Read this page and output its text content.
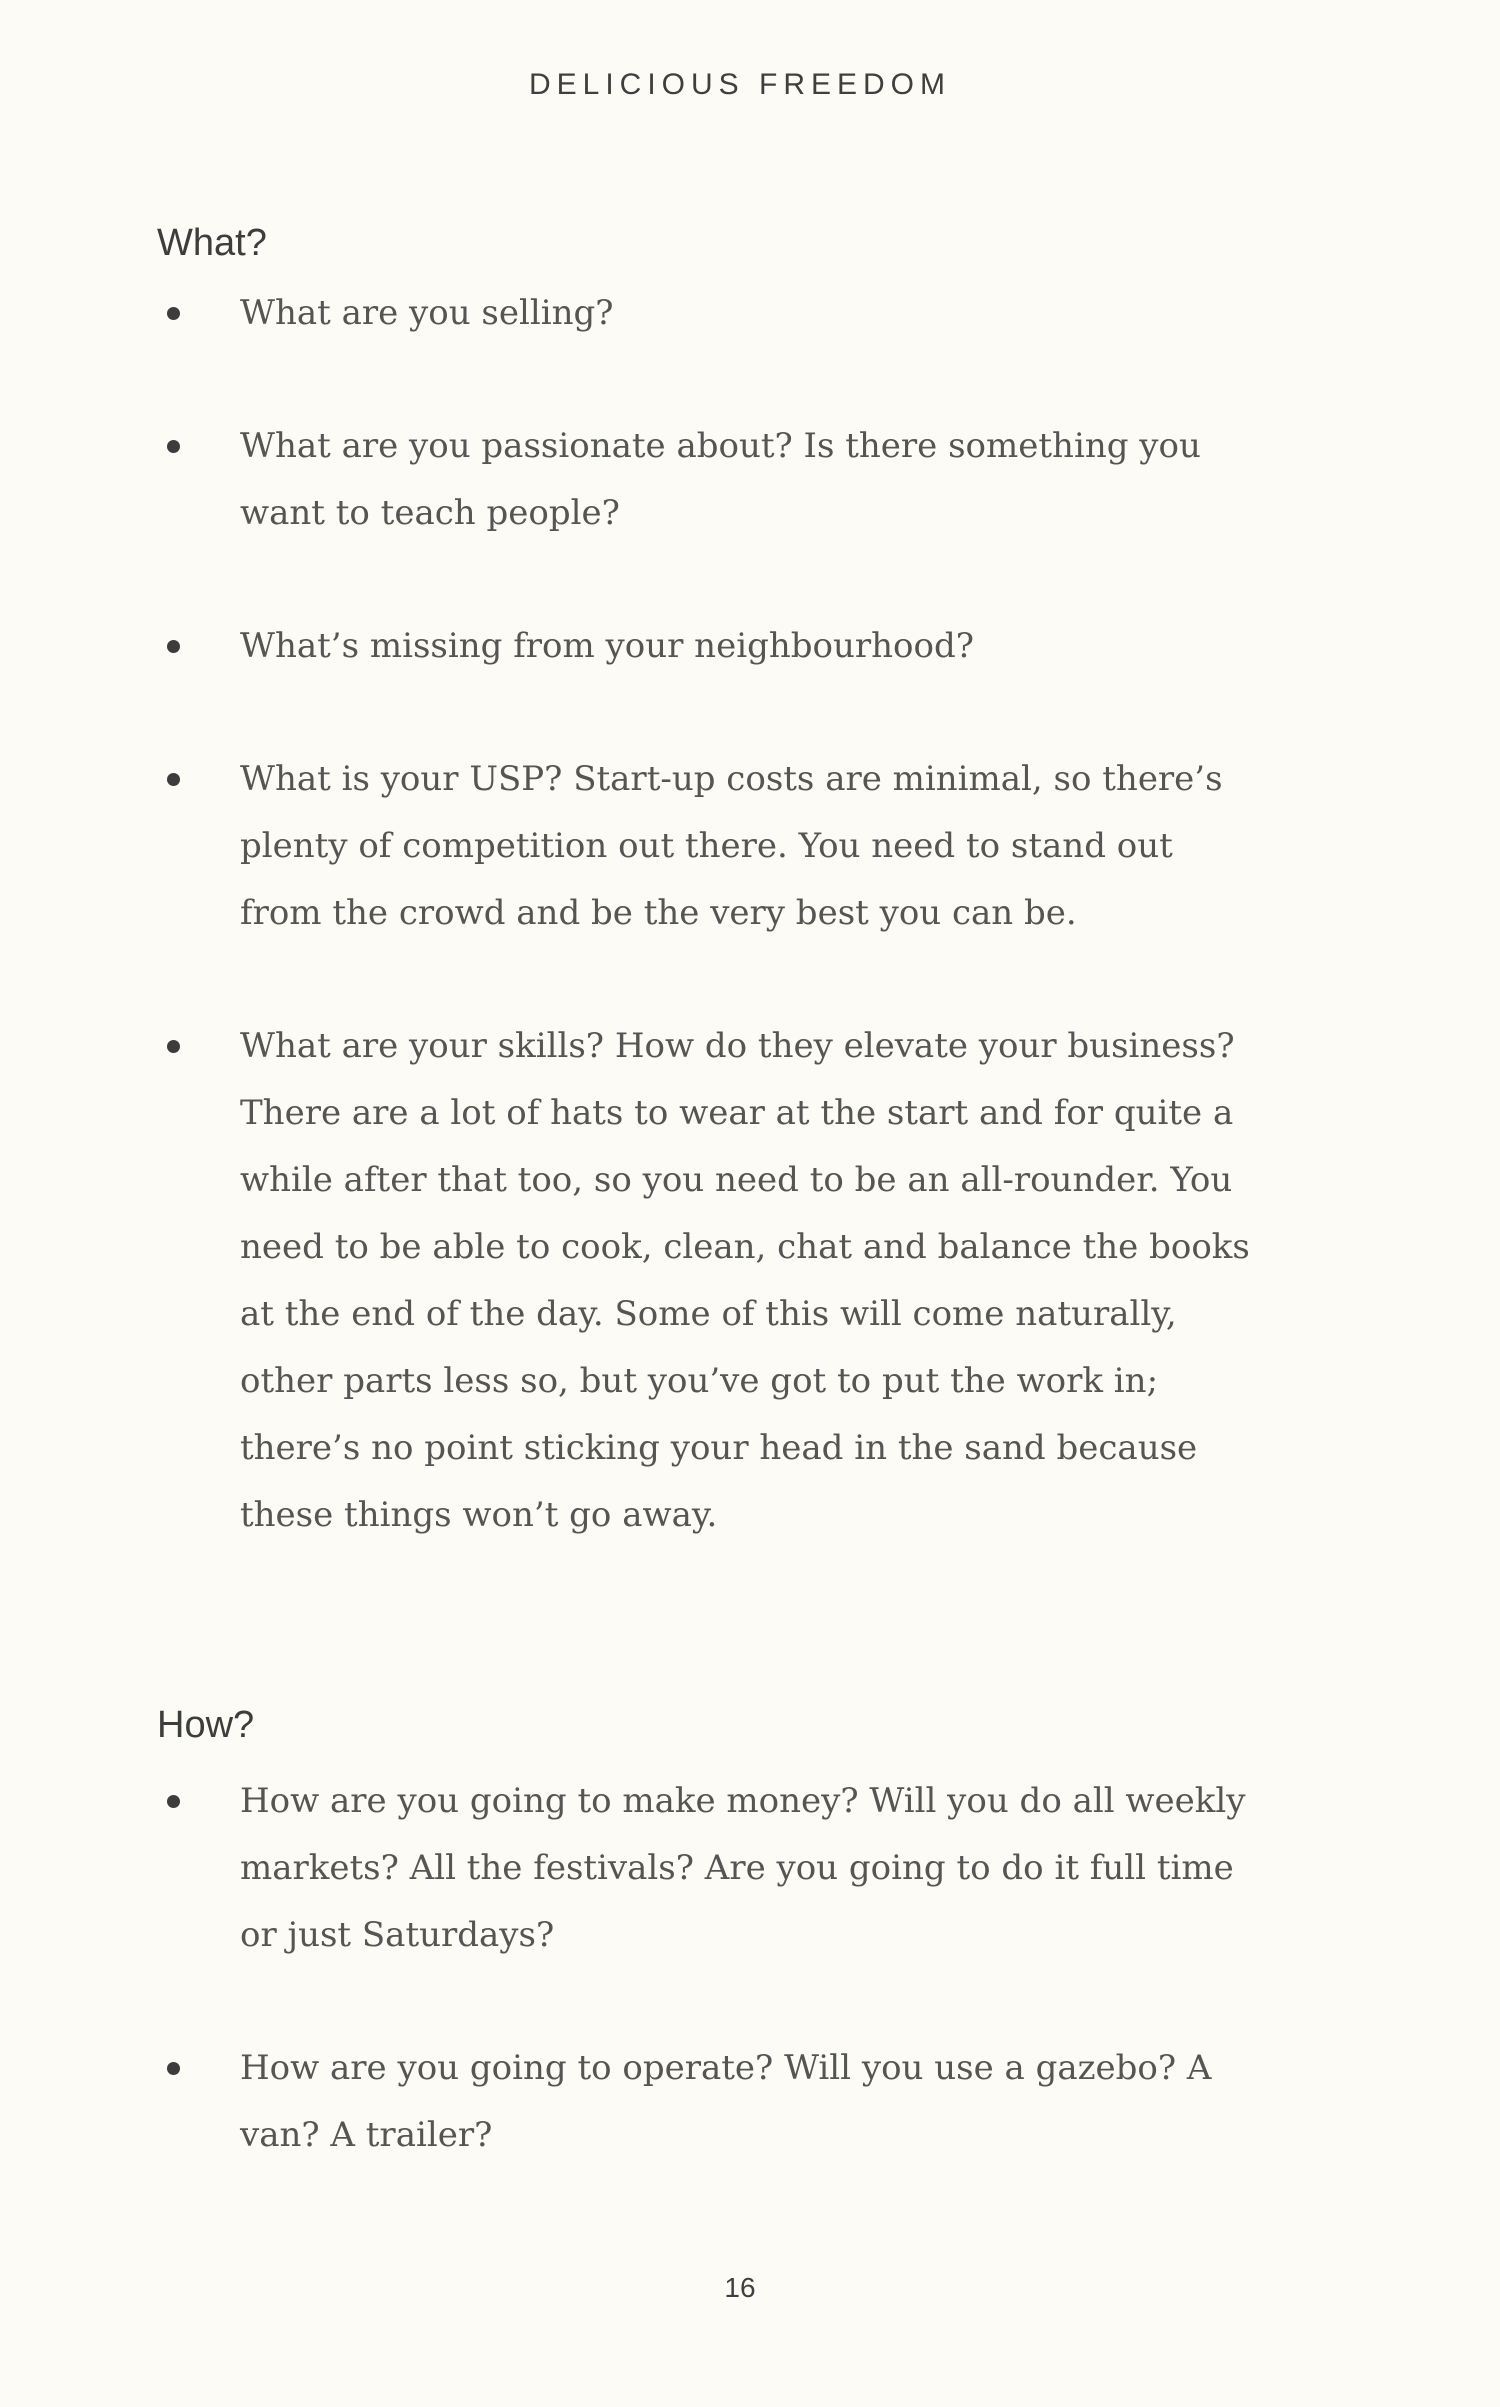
DELICIOUS FREEDOM

What?
What are you selling?
What are you passionate about? Is there something you want to teach people?
What’s missing from your neighbourhood?
What is your USP? Start-up costs are minimal, so there’s plenty of competition out there. You need to stand out from the crowd and be the very best you can be.
What are your skills? How do they elevate your business? There are a lot of hats to wear at the start and for quite a while after that too, so you need to be an all-rounder. You need to be able to cook, clean, chat and balance the books at the end of the day. Some of this will come naturally, other parts less so, but you’ve got to put the work in; there’s no point sticking your head in the sand because these things won’t go away.
How?
How are you going to make money? Will you do all weekly markets? All the festivals? Are you going to do it full time or just Saturdays?
How are you going to operate? Will you use a gazebo? A van? A trailer?

16
